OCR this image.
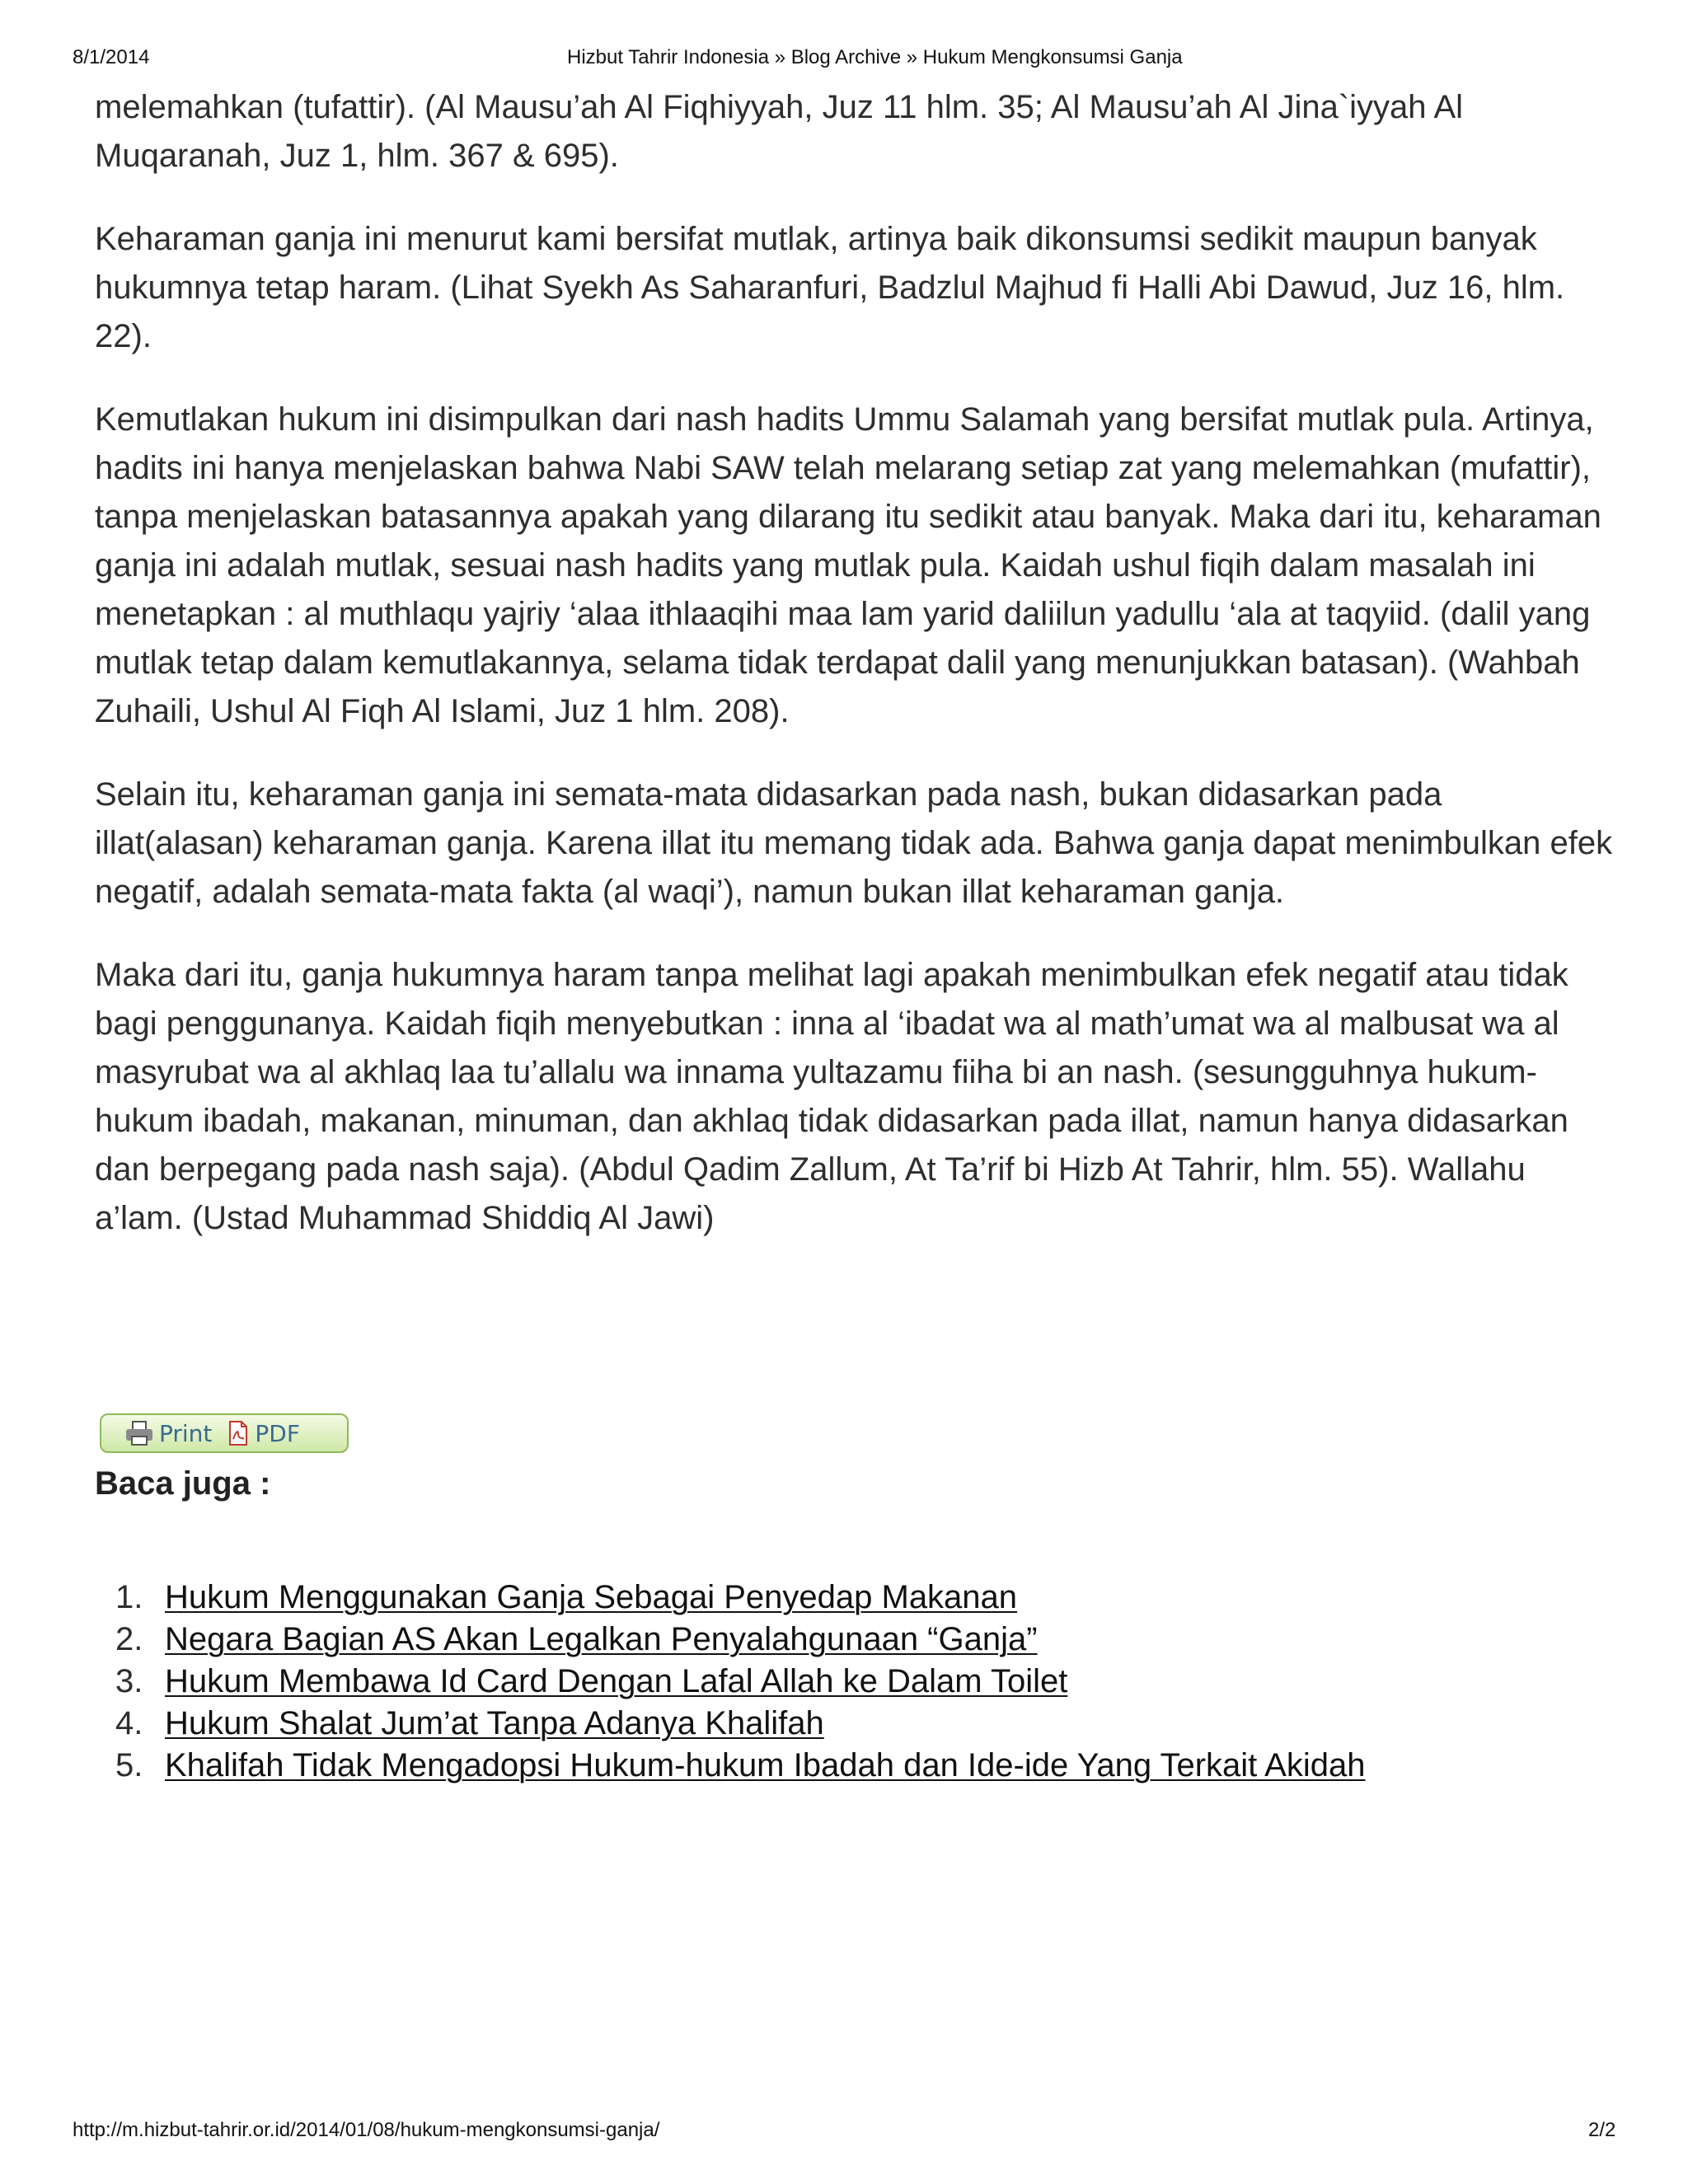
8/1/2014	Hizbut Tahrir Indonesia » Blog Archive » Hukum Mengkonsumsi Ganja

melemahkan (tufattir). (Al Mausu’ah Al Fiqhiyyah, Juz 11 hlm. 35; Al Mausu’ah Al Jina`iyyah Al Muqaranah, Juz 1, hlm. 367 & 695).

Keharaman ganja ini menurut kami bersifat mutlak, artinya baik dikonsumsi sedikit maupun banyak hukumnya tetap haram. (Lihat Syekh As Saharanfuri, Badzlul Majhud fi Halli Abi Dawud, Juz 16, hlm. 22).

Kemutlakan hukum ini disimpulkan dari nash hadits Ummu Salamah yang bersifat mutlak pula. Artinya, hadits ini hanya menjelaskan bahwa Nabi SAW telah melarang setiap zat yang melemahkan (mufattir), tanpa menjelaskan batasannya apakah yang dilarang itu sedikit atau banyak. Maka dari itu, keharaman ganja ini adalah mutlak, sesuai nash hadits yang mutlak pula. Kaidah ushul fiqih dalam masalah ini menetapkan : al muthlaqu yajriy ‘alaa ithlaaqihi maa lam yarid daliilun yadullu ‘ala at taqyiid. (dalil yang mutlak tetap dalam kemutlakannya, selama tidak terdapat dalil yang menunjukkan batasan). (Wahbah Zuhaili, Ushul Al Fiqh Al Islami, Juz 1 hlm. 208).

Selain itu, keharaman ganja ini semata-mata didasarkan pada nash, bukan didasarkan pada illat(alasan) keharaman ganja. Karena illat itu memang tidak ada. Bahwa ganja dapat menimbulkan efek negatif, adalah semata-mata fakta (al waqi’), namun bukan illat keharaman ganja.

Maka dari itu, ganja hukumnya haram tanpa melihat lagi apakah menimbulkan efek negatif atau tidak bagi penggunanya. Kaidah fiqih menyebutkan : inna al ‘ibadat wa al math’umat wa al malbusat wa al masyrubat wa al akhlaq laa tu’allalu wa innama yultazamu fiiha bi an nash. (sesungguhnya hukum-hukum ibadah, makanan, minuman, dan akhlaq tidak didasarkan pada illat, namun hanya didasarkan dan berpegang pada nash saja). (Abdul Qadim Zallum, At Ta’rif bi Hizb At Tahrir, hlm. 55). Wallahu a’lam. (Ustad Muhammad Shiddiq Al Jawi)

Print PDF
Baca juga :
1. Hukum Menggunakan Ganja Sebagai Penyedap Makanan
2. Negara Bagian AS Akan Legalkan Penyalahgunaan “Ganja”
3. Hukum Membawa Id Card Dengan Lafal Allah ke Dalam Toilet
4. Hukum Shalat Jum’at Tanpa Adanya Khalifah
5. Khalifah Tidak Mengadopsi Hukum-hukum Ibadah dan Ide-ide Yang Terkait Akidah
http://m.hizbut-tahrir.or.id/2014/01/08/hukum-mengkonsumsi-ganja/	2/2
